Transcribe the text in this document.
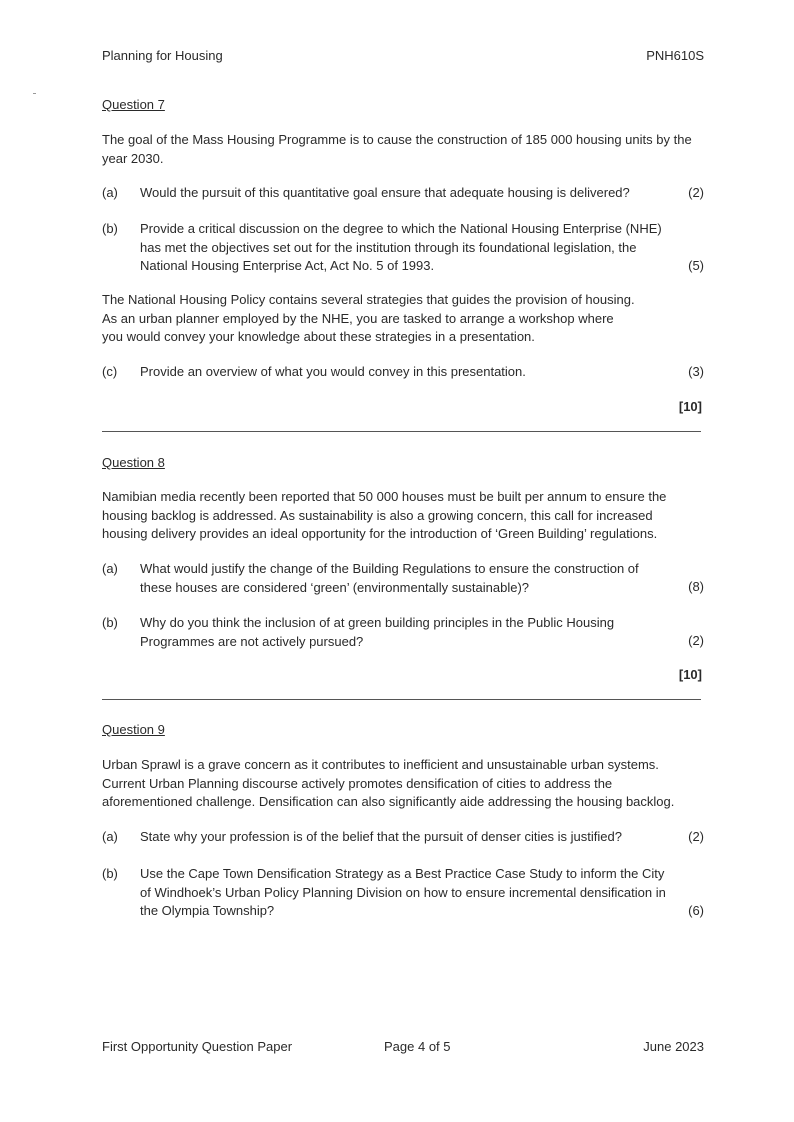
Planning for Housing	PNH610S
Question 7
The goal of the Mass Housing Programme is to cause the construction of 185 000 housing units by the
year 2030.
(a) Would the pursuit of this quantitative goal ensure that adequate housing is delivered?	(2)
(b) Provide a critical discussion on the degree to which the National Housing Enterprise (NHE)
has met the objectives set out for the institution through its foundational legislation, the
National Housing Enterprise Act, Act No. 5 of 1993.	(5)
The National Housing Policy contains several strategies that guides the provision of housing.
As an urban planner employed by the NHE, you are tasked to arrange a workshop where
you would convey your knowledge about these strategies in a presentation.
(c) Provide an overview of what you would convey in this presentation.	(3)
[10]
Question 8
Namibian media recently been reported that 50 000 houses must be built per annum to ensure the
housing backlog is addressed. As sustainability is also a growing concern, this call for increased
housing delivery provides an ideal opportunity for the introduction of ‘Green Building’ regulations.
(a) What would justify the change of the Building Regulations to ensure the construction of
these houses are considered ‘green’ (environmentally sustainable)?	(8)
(b) Why do you think the inclusion of at green building principles in the Public Housing
Programmes are not actively pursued?	(2)
[10]
Question 9
Urban Sprawl is a grave concern as it contributes to inefficient and unsustainable urban systems.
Current Urban Planning discourse actively promotes densification of cities to address the
aforementioned challenge. Densification can also significantly aide addressing the housing backlog.
(a) State why your profession is of the belief that the pursuit of denser cities is justified?	(2)
(b) Use the Cape Town Densification Strategy as a Best Practice Case Study to inform the City
of Windhoek’s Urban Policy Planning Division on how to ensure incremental densification in
the Olympia Township?	(6)
First Opportunity Question Paper	Page 4 of 5	June 2023
